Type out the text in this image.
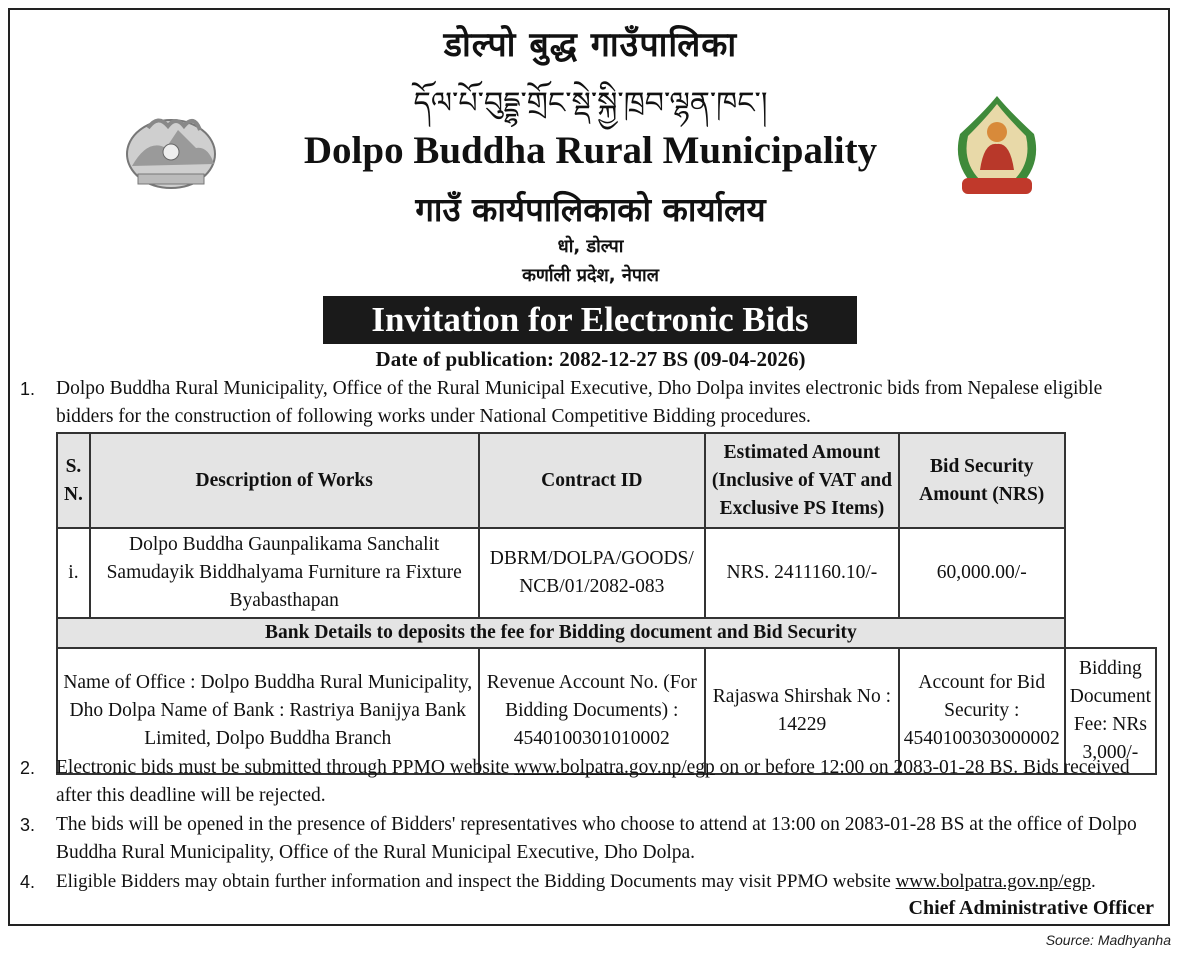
डोल्पो बुद्ध गाउँपालिका
དོལ་པོ་བུདྡྷ་གྲོང་སྡེ་སྐྱི་ཁྲབ་ལྷན་ཁང་།
Dolpo Buddha Rural Municipality
गाउँ कार्यपालिकाको कार्यालय
धो, डोल्पा
कर्णाली प्रदेश, नेपाल
Invitation for Electronic Bids
Date of publication: 2082-12-27 BS (09-04-2026)
1. Dolpo Buddha Rural Municipality, Office of the Rural Municipal Executive, Dho Dolpa invites electronic bids from Nepalese eligible bidders for the construction of following works under National Competitive Bidding procedures.
S. N.	Description of Works	Contract ID	Estimated Amount (Inclusive of VAT and Exclusive PS Items)	Bid Security Amount (NRS)	
i.	Dolpo Buddha Gaunpalikama Sanchalit Samudayik Biddhalyama Furniture ra Fixture Byabasthapan	DBRM/DOLPA/GOODS/ NCB/01/2082-083	NRS. 2411160.10/-	60,000.00/-	
Bank Details to deposits the fee for Bidding document and Bid Security					
Name of Office : Dolpo Buddha Rural Municipality, Dho Dolpa Name of Bank : Rastriya Banijya Bank Limited, Dolpo Buddha Branch		Revenue Account No. (For Bidding Documents) : 4540100301010002	Rajaswa Shirshak No : 14229	Account for Bid Security : 4540100303000002	Bidding Document Fee: NRs 3,000/-
2. Electronic bids must be submitted through PPMO website www.bolpatra.gov.np/egp on or before 12:00 on 2083-01-28 BS. Bids received after this deadline will be rejected.
3. The bids will be opened in the presence of Bidders' representatives who choose to attend at 13:00 on 2083-01-28 BS at the office of Dolpo Buddha Rural Municipality, Office of the Rural Municipal Executive, Dho Dolpa.
4. Eligible Bidders may obtain further information and inspect the Bidding Documents may visit PPMO website www.bolpatra.gov.np/egp.
Chief Administrative Officer
Source: Madhyanha
